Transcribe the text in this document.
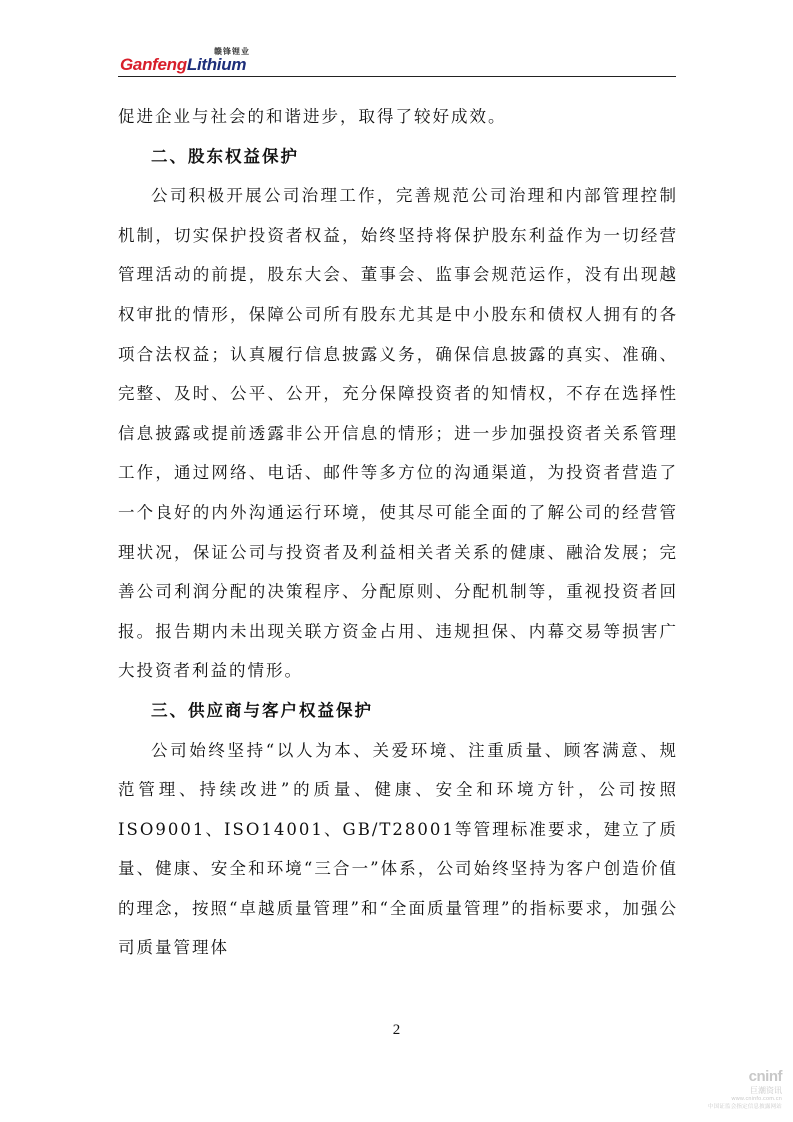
赣锋锂业
GanfengLithium

促进企业与社会的和谐进步，取得了较好成效。

二、股东权益保护

公司积极开展公司治理工作，完善规范公司治理和内部管理控制机制，切实保护投资者权益，始终坚持将保护股东利益作为一切经营管理活动的前提，股东大会、董事会、监事会规范运作，没有出现越权审批的情形，保障公司所有股东尤其是中小股东和债权人拥有的各项合法权益；认真履行信息披露义务，确保信息披露的真实、准确、完整、及时、公平、公开，充分保障投资者的知情权，不存在选择性信息披露或提前透露非公开信息的情形；进一步加强投资者关系管理工作，通过网络、电话、邮件等多方位的沟通渠道，为投资者营造了一个良好的内外沟通运行环境，使其尽可能全面的了解公司的经营管理状况，保证公司与投资者及利益相关者关系的健康、融洽发展；完善公司利润分配的决策程序、分配原则、分配机制等，重视投资者回报。报告期内未出现关联方资金占用、违规担保、内幕交易等损害广大投资者利益的情形。

三、供应商与客户权益保护

公司始终坚持“以人为本、关爱环境、注重质量、顾客满意、规范管理、持续改进”的质量、健康、安全和环境方针，公司按照ISO9001、ISO14001、GB/T28001等管理标准要求，建立了质量、健康、安全和环境“三合一”体系，公司始终坚持为客户创造价值的理念，按照“卓越质量管理”和“全面质量管理”的指标要求，加强公司质量管理体

2
cninf
巨潮资讯
www.cninfo.com.cn
中国证监会指定信息披露网站
